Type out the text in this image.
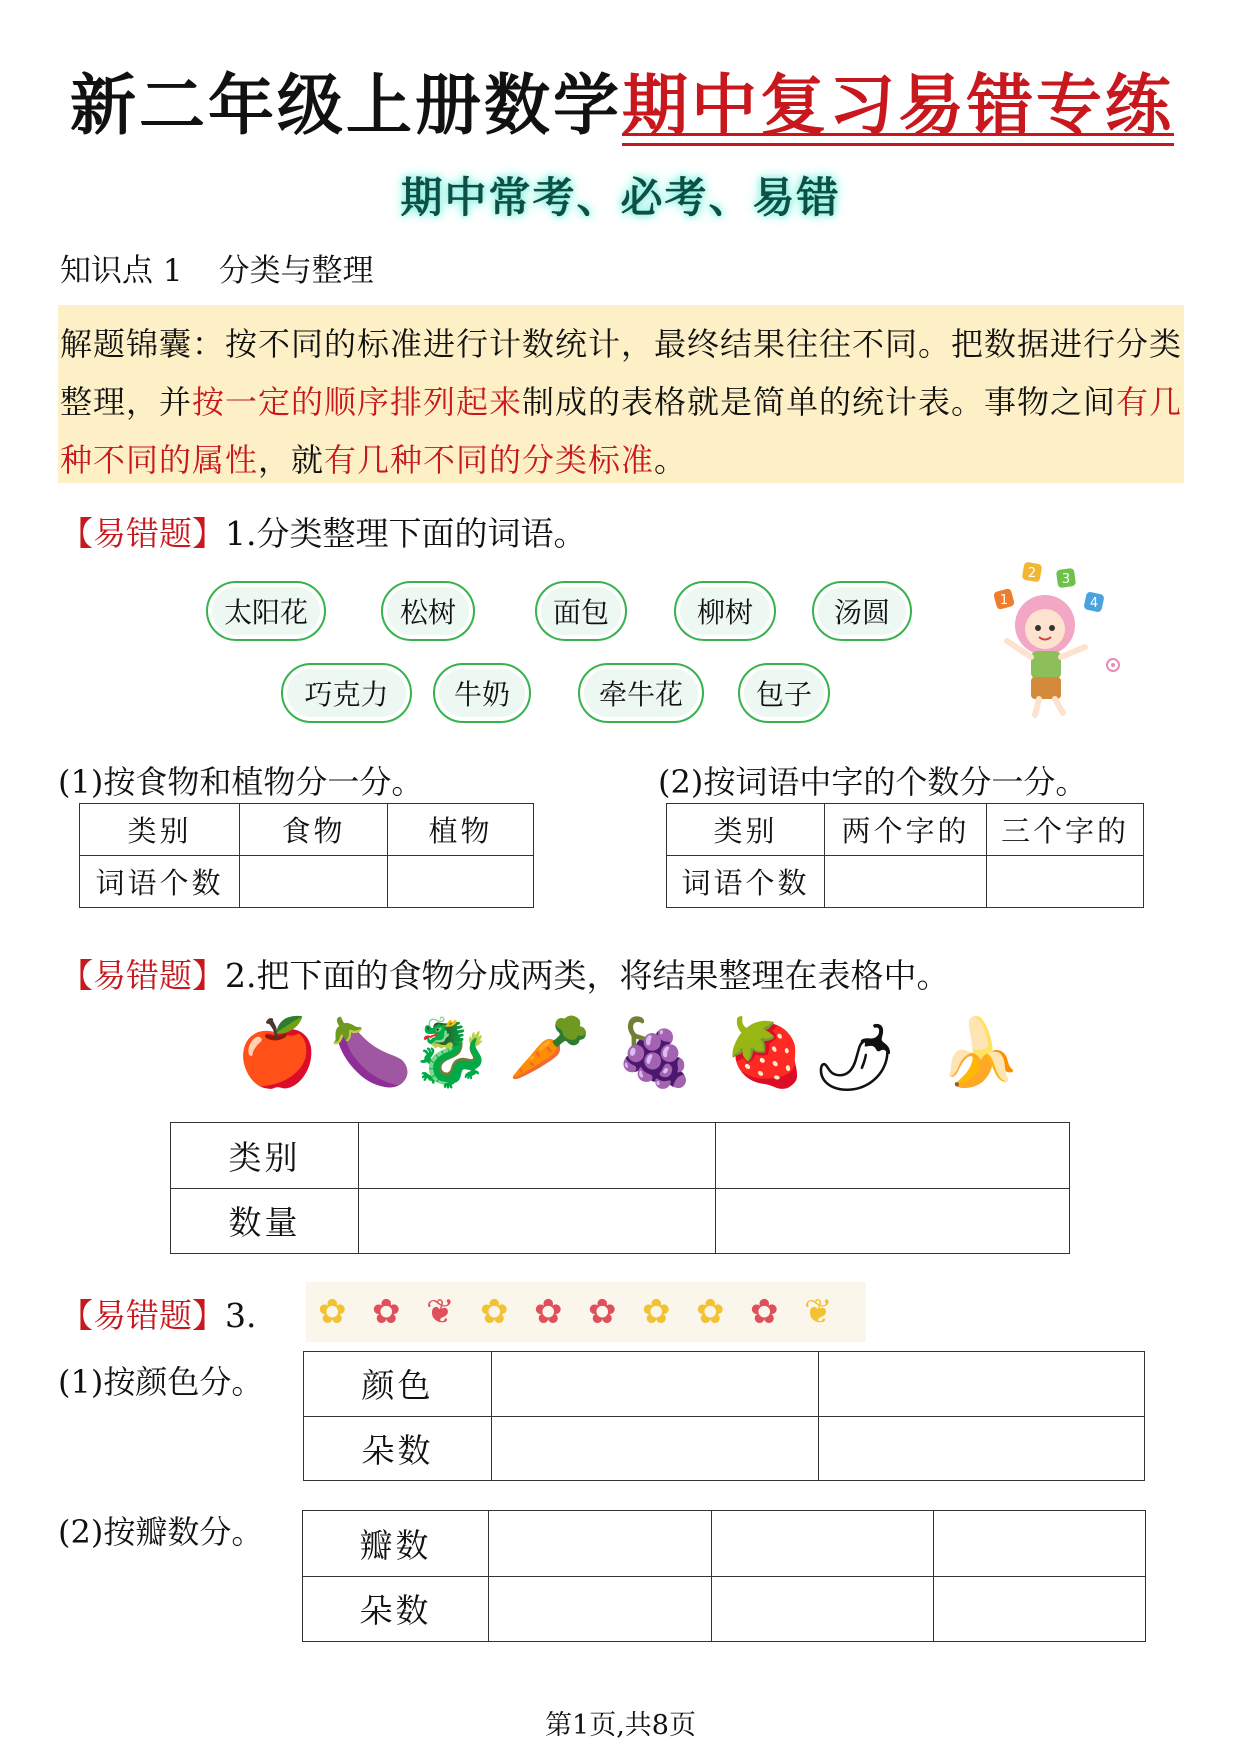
新二年级上册数学期中复习易错专练
期中常考、必考、易错
知识点 1 分类与整理
解题锦囊：按不同的标准进行计数统计，最终结果往往不同。把数据进行分类整理，并按一定的顺序排列起来制成的表格就是简单的统计表。事物之间有几种不同的属性，就有几种不同的分类标准。
【易错题】1.分类整理下面的词语。
太阳花	松树	面包	柳树	汤圆
巧克力	牛奶	牵牛花	包子
1
2 3
4
(1)按食物和植物分一分。	(2)按词语中字的个数分一分。
类别	食物	植物
词语个数		
类别	两个字的	三个字的
词语个数		
【易错题】2.把下面的食物分成两类，将结果整理在表格中。
🍎 🍆
🐉 🥕 🍇 🍓 🌶 🍌
类别		
数量		
【易错题】3. ✿ ✿ ❦ ✿ ✿ ✿ ✿ ✿ ✿ ❦
(1)按颜色分。	颜色		
朵数		
(2)按瓣数分。	瓣数			
朵数			
第1页,共8页
